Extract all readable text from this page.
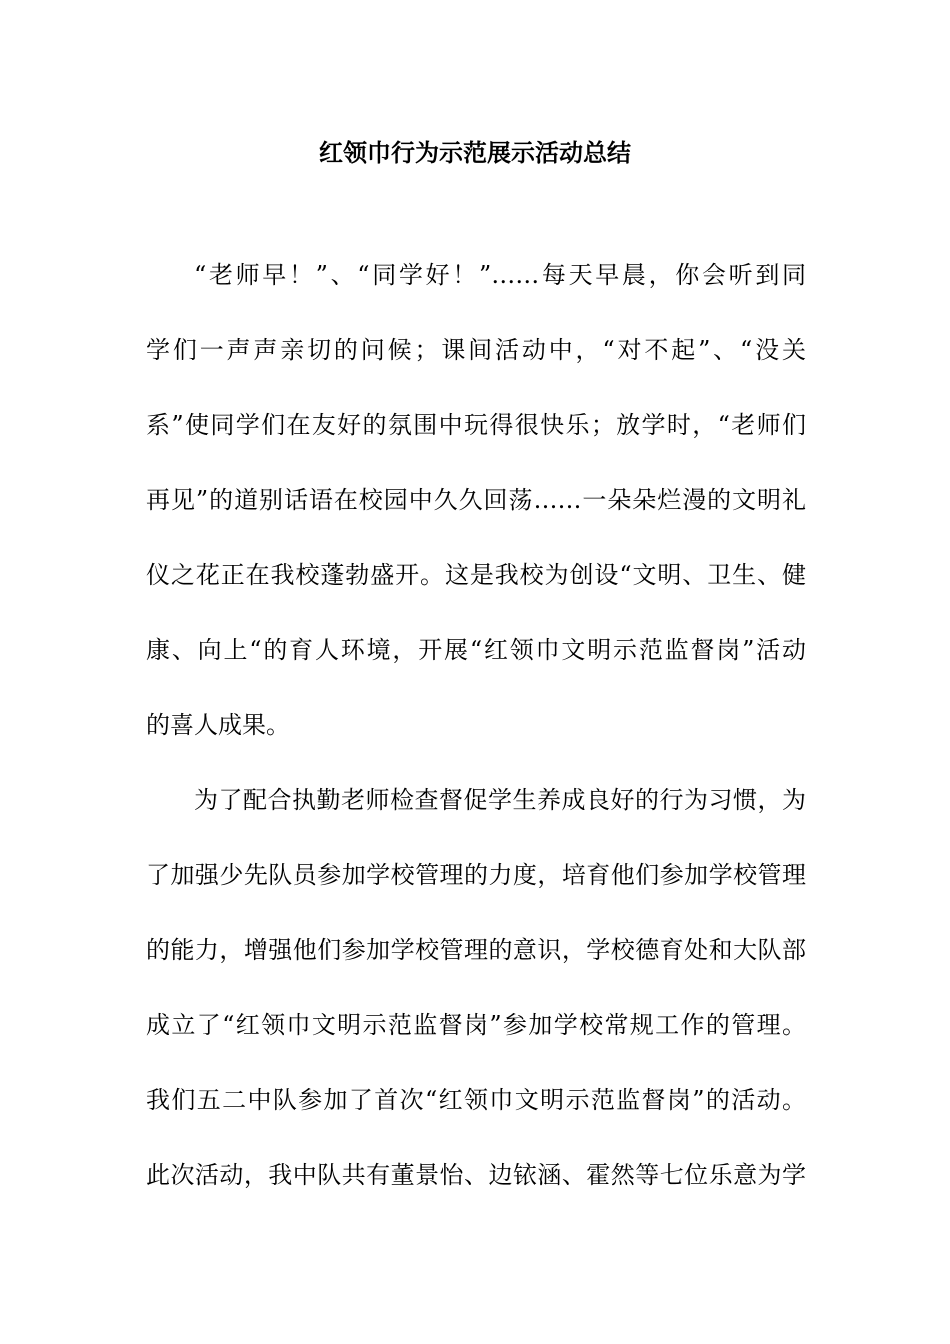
红领巾行为示范展示活动总结
“老师早！”、“同学好！”……每天早晨，你会听到同
学们一声声亲切的问候；课间活动中，“对不起”、“没关
系”使同学们在友好的氛围中玩得很快乐；放学时，“老师们
再见”的道别话语在校园中久久回荡……一朵朵烂漫的文明礼
仪之花正在我校蓬勃盛开。这是我校为创设“文明、卫生、健
康、向上“的育人环境，开展“红领巾文明示范监督岗”活动
的喜人成果。
为了配合执勤老师检查督促学生养成良好的行为习惯，为
了加强少先队员参加学校管理的力度，培育他们参加学校管理
的能力，增强他们参加学校管理的意识，学校德育处和大队部
成立了“红领巾文明示范监督岗”参加学校常规工作的管理。
我们五二中队参加了首次“红领巾文明示范监督岗”的活动。
此次活动，我中队共有董景怡、边铱涵、霍然等七位乐意为学
